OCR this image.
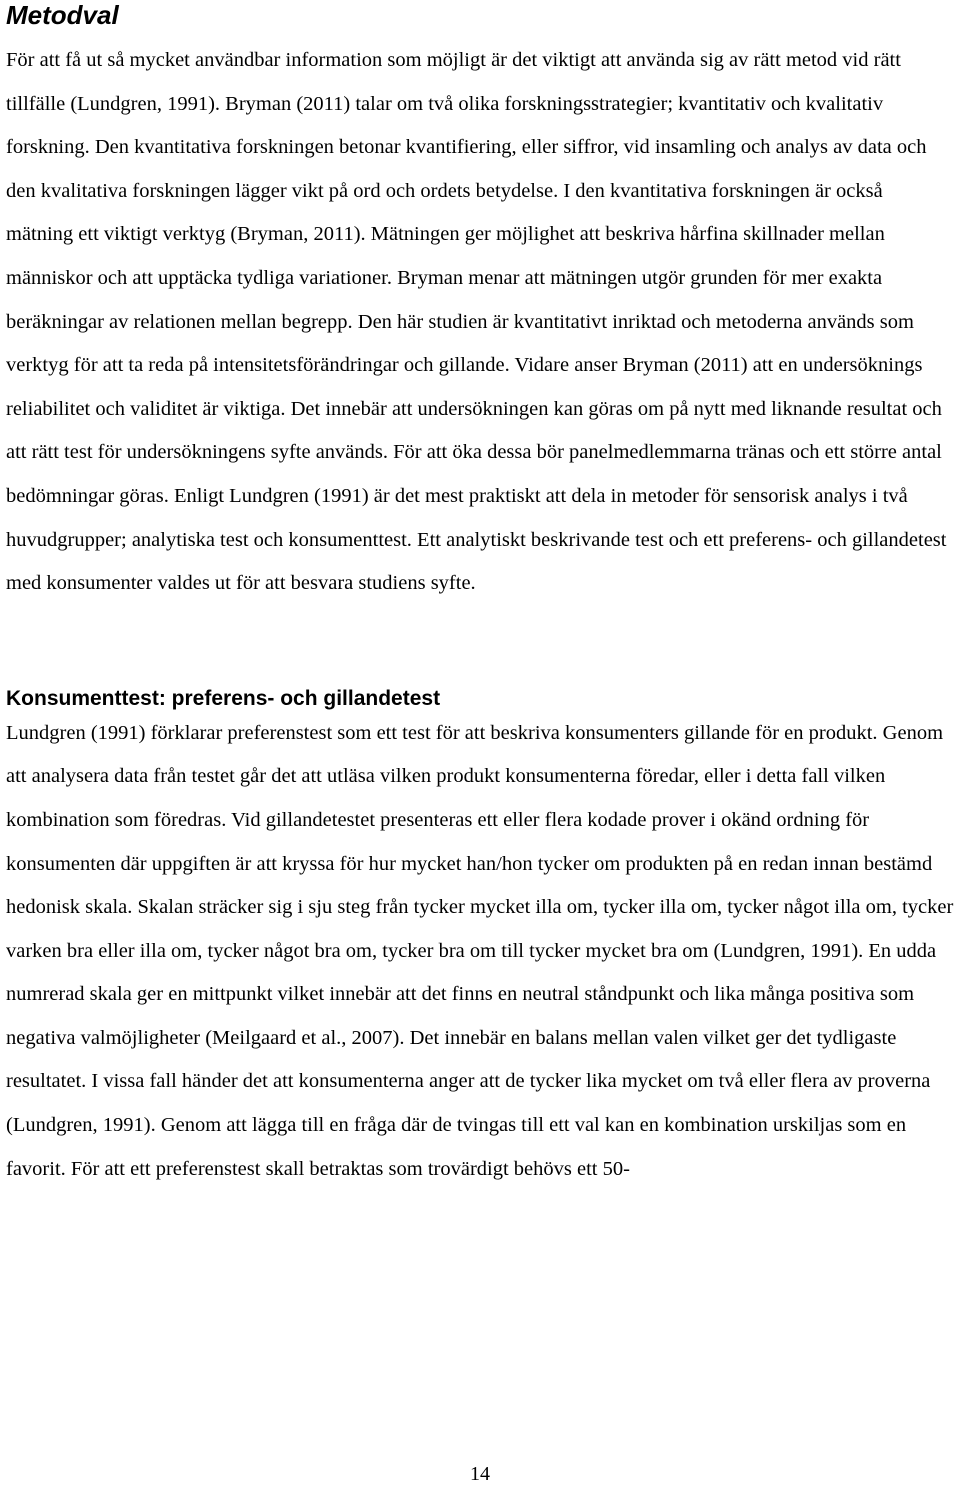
Metodval

För att få ut så mycket användbar information som möjligt är det viktigt att använda sig av rätt metod vid rätt tillfälle (Lundgren, 1991). Bryman (2011) talar om två olika forskningsstrategier; kvantitativ och kvalitativ forskning. Den kvantitativa forskningen betonar kvantifiering, eller siffror, vid insamling och analys av data och den kvalitativa forskningen lägger vikt på ord och ordets betydelse. I den kvantitativa forskningen är också mätning ett viktigt verktyg (Bryman, 2011). Mätningen ger möjlighet att beskriva hårfina skillnader mellan människor och att upptäcka tydliga variationer. Bryman menar att mätningen utgör grunden för mer exakta beräkningar av relationen mellan begrepp. Den här studien är kvantitativt inriktad och metoderna används som verktyg för att ta reda på intensitetsförändringar och gillande. Vidare anser Bryman (2011) att en undersöknings reliabilitet och validitet är viktiga. Det innebär att undersökningen kan göras om på nytt med liknande resultat och att rätt test för undersökningens syfte används. För att öka dessa bör panelmedlemmarna tränas och ett större antal bedömningar göras. Enligt Lundgren (1991) är det mest praktiskt att dela in metoder för sensorisk analys i två huvudgrupper; analytiska test och konsumenttest. Ett analytiskt beskrivande test och ett preferens- och gillandetest med konsumenter valdes ut för att besvara studiens syfte.

Konsumenttest: preferens- och gillandetest

Lundgren (1991) förklarar preferenstest som ett test för att beskriva konsumenters gillande för en produkt. Genom att analysera data från testet går det att utläsa vilken produkt konsumenterna föredar, eller i detta fall vilken kombination som föredras. Vid gillandetestet presenteras ett eller flera kodade prover i okänd ordning för konsumenten där uppgiften är att kryssa för hur mycket han/hon tycker om produkten på en redan innan bestämd hedonisk skala. Skalan sträcker sig i sju steg från tycker mycket illa om, tycker illa om, tycker något illa om, tycker varken bra eller illa om, tycker något bra om, tycker bra om till tycker mycket bra om (Lundgren, 1991). En udda numrerad skala ger en mittpunkt vilket innebär att det finns en neutral ståndpunkt och lika många positiva som negativa valmöjligheter (Meilgaard et al., 2007). Det innebär en balans mellan valen vilket ger det tydligaste resultatet. I vissa fall händer det att konsumenterna anger att de tycker lika mycket om två eller flera av proverna (Lundgren, 1991). Genom att lägga till en fråga där de tvingas till ett val kan en kombination urskiljas som en favorit. För att ett preferenstest skall betraktas som trovärdigt behövs ett 50-

14
